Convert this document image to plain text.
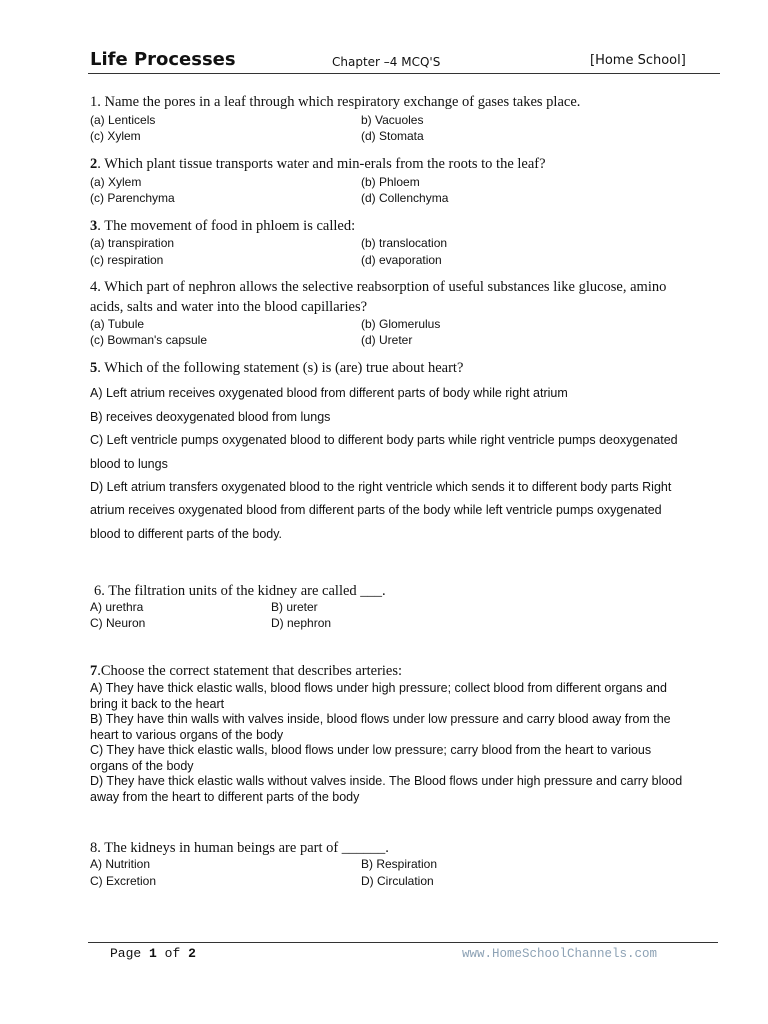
Life Processes	Chapter –4 MCQ'S	[Home School]
1. Name the pores in a leaf through which respiratory exchange of gases takes place.
(a) Lenticels	b) Vacuoles
(c) Xylem	(d) Stomata
2. Which plant tissue transports water and min-erals from the roots to the leaf?
(a) Xylem	(b) Phloem
(c) Parenchyma	(d) Collenchyma
3. The movement of food in phloem is called:
(a) transpiration	(b) translocation
(c) respiration	(d) evaporation
4. Which part of nephron allows the selective reabsorption of useful substances like glucose, amino
acids, salts and water into the blood capillaries?
(a) Tubule	(b) Glomerulus
(c) Bowman's capsule	(d) Ureter
5. Which of the following statement (s) is (are) true about heart?
A) Left atrium receives oxygenated blood from different parts of body while right atrium
B) receives deoxygenated blood from lungs
C) Left ventricle pumps oxygenated blood to different body parts while right ventricle pumps deoxygenated
blood to lungs
D) Left atrium transfers oxygenated blood to the right ventricle which sends it to different body parts Right
atrium receives oxygenated blood from different parts of the body while left ventricle pumps oxygenated
blood to different parts of the body.
6. The filtration units of the kidney are called ___.
A) urethra	B) ureter
C) Neuron	D) nephron
7.Choose the correct statement that describes arteries:
A) They have thick elastic walls, blood flows under high pressure; collect blood from different organs and
bring it back to the heart
B) They have thin walls with valves inside, blood flows under low pressure and carry blood away from the
heart to various organs of the body
C) They have thick elastic walls, blood flows under low pressure; carry blood from the heart to various
organs of the body
D) They have thick elastic walls without valves inside. The Blood flows under high pressure and carry blood
away from the heart to different parts of the body
8. The kidneys in human beings are part of ______.
A) Nutrition	B) Respiration
C) Excretion	D) Circulation
Page 1 of 2	www.HomeSchoolChannels.com
